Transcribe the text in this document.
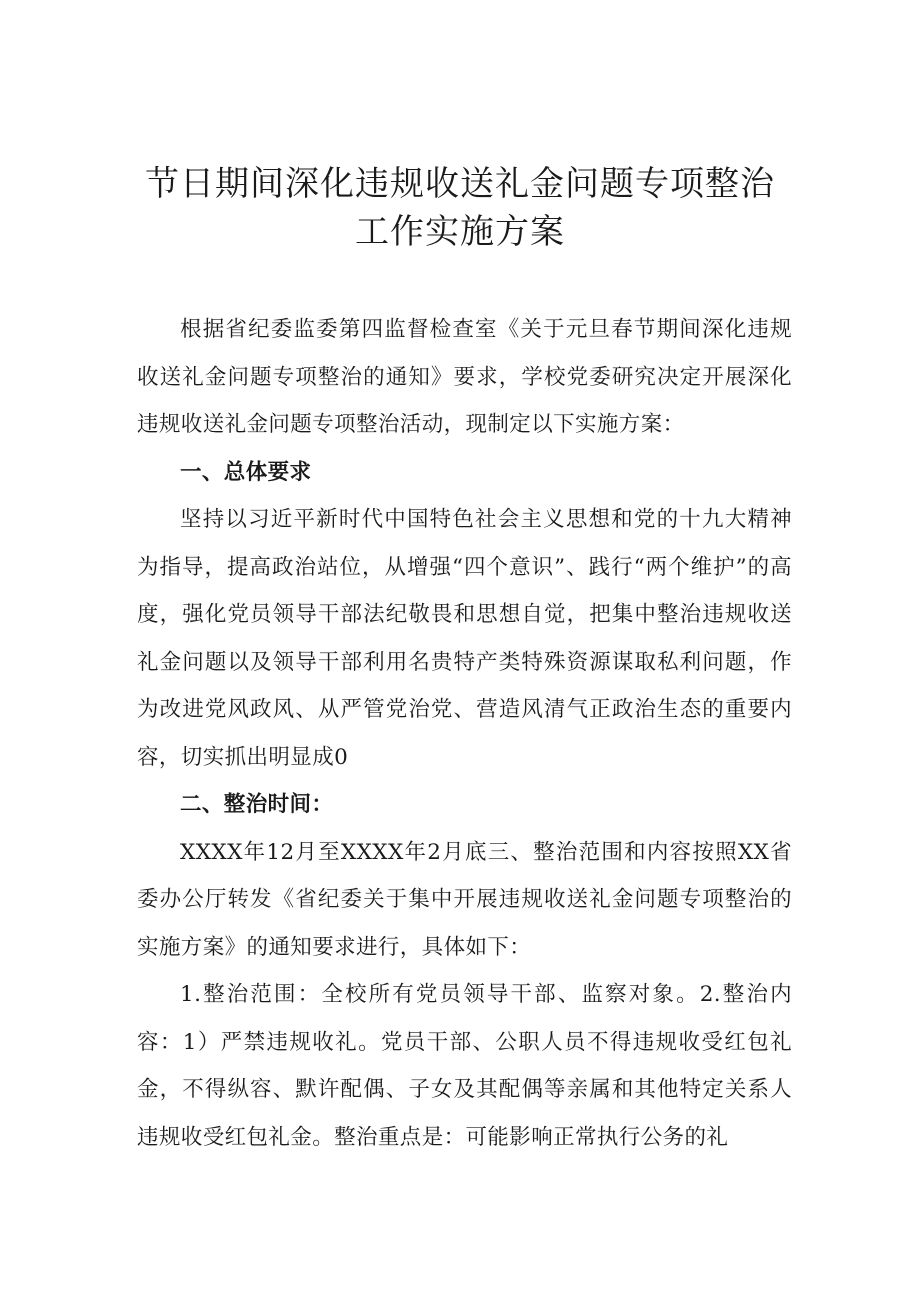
节日期间深化违规收送礼金问题专项整治
工作实施方案

根据省纪委监委第四监督检查室《关于元旦春节期间深化违规收送礼金问题专项整治的通知》要求，学校党委研究决定开展深化违规收送礼金问题专项整治活动，现制定以下实施方案：

一、总体要求

坚持以习近平新时代中国特色社会主义思想和党的十九大精神为指导，提高政治站位，从增强“四个意识”、践行“两个维护”的高度，强化党员领导干部法纪敬畏和思想自觉，把集中整治违规收送礼金问题以及领导干部利用名贵特产类特殊资源谋取私利问题，作为改进党风政风、从严管党治党、营造风清气正政治生态的重要内容，切实抓出明显成0

二、整治时间：

XXXX年12月至XXXX年2月底三、整治范围和内容按照XX省委办公厅转发《省纪委关于集中开展违规收送礼金问题专项整治的实施方案》的通知要求进行，具体如下：

1.整治范围：全校所有党员领导干部、监察对象。2.整治内容：1）严禁违规收礼。党员干部、公职人员不得违规收受红包礼金，不得纵容、默许配偶、子女及其配偶等亲属和其他特定关系人违规收受红包礼金。整治重点是：可能影响正常执行公务的礼
